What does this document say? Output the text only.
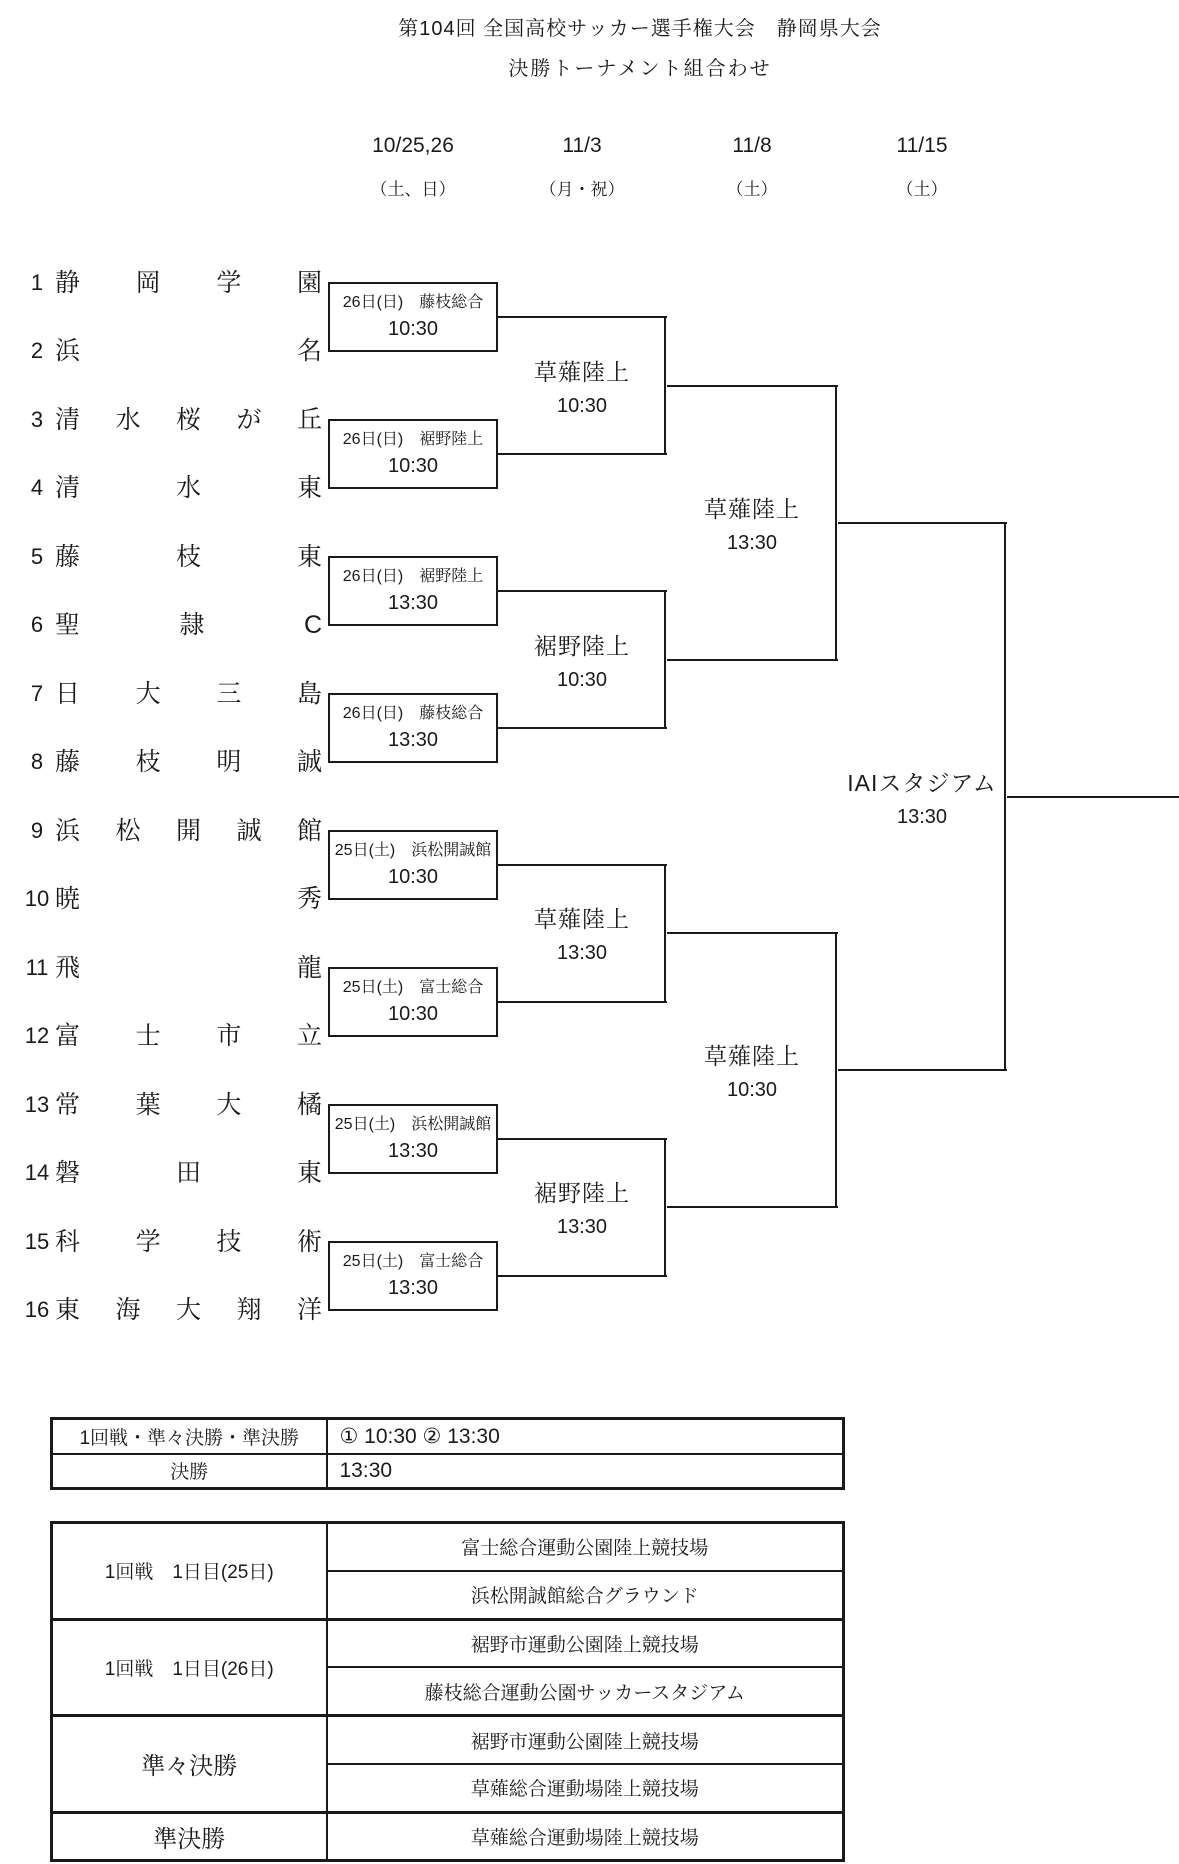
第104回 全国高校サッカー選手権大会　静岡県大会
決勝トーナメント組合わせ
10/25,26
（土、日）
11/3
（月・祝）
11/8
（土）
11/15
（土）
1 静 岡 学 園
2 浜	名
3 清 水 桜 が 丘
4 清	水	東
5 藤	枝	東
6 聖	隷	C
7 日 大 三 島
8 藤 枝 明 誠
9 浜 松 開 誠 館
10 暁	秀
11 飛	龍
12 富 士 市 立
13 常 葉 大 橘
14 磐	田	東
15 科 学 技 術
16 東 海 大 翔 洋
26日(日)　藤枝総合
10:30
26日(日)　裾野陸上
10:30
26日(日)　裾野陸上
13:30
26日(日)　藤枝総合
13:30
25日(土)　浜松開誠館
10:30
25日(土)　富士総合
10:30
25日(土)　浜松開誠館
13:30
25日(土)　富士総合
13:30
草薙陸上
10:30
裾野陸上
10:30
草薙陸上
13:30
裾野陸上
13:30
草薙陸上
13:30
草薙陸上
10:30
IAIスタジアム
13:30
1回戦・準々決勝・準決勝	① 10:30 ② 13:30
決勝	13:30
1回戦　1日目(25日)	富士総合運動公園陸上競技場
	浜松開誠館総合グラウンド
1回戦　1日目(26日)	裾野市運動公園陸上競技場
	藤枝総合運動公園サッカースタジアム
準々決勝	裾野市運動公園陸上競技場
	草薙総合運動場陸上競技場
準決勝	草薙総合運動場陸上競技場
